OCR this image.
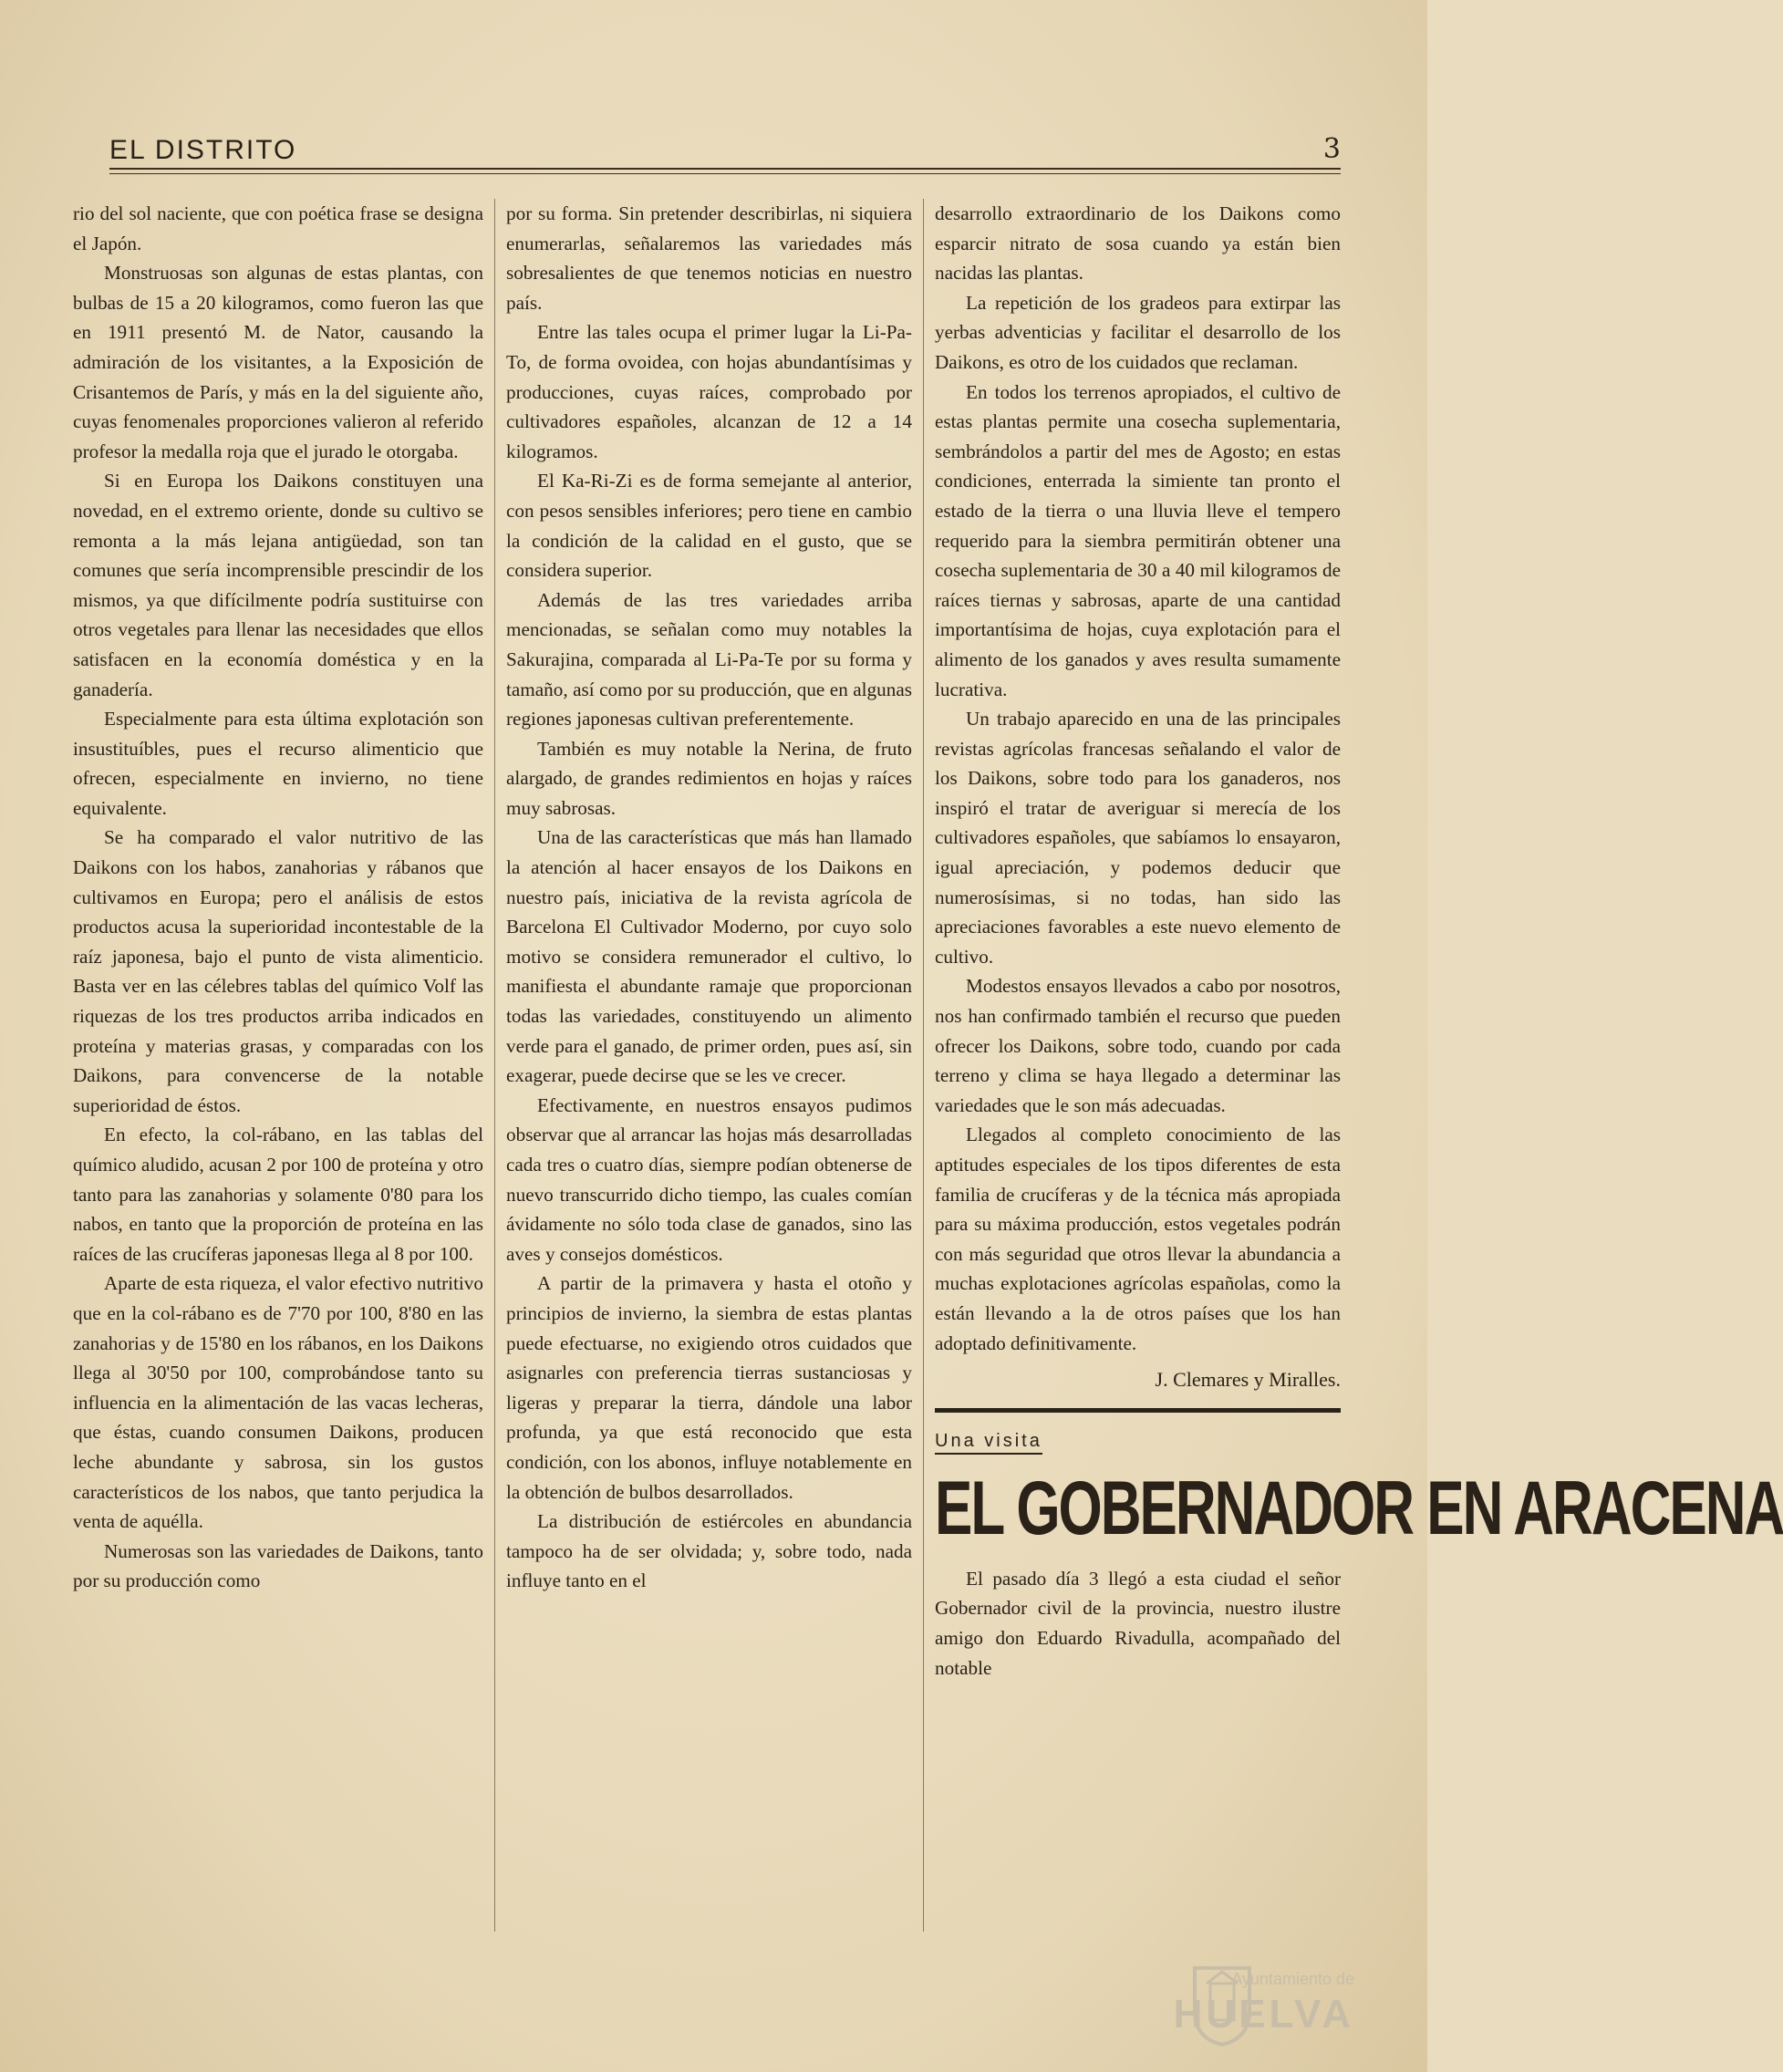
EL DISTRITO	3

rio del sol naciente, que con poética frase se designa el Japón.

Monstruosas son algunas de estas plantas, con bulbas de 15 a 20 kilogramos, como fueron las que en 1911 presentó M. de Nator, causando la admiración de los visitantes, a la Exposición de Crisantemos de París, y más en la del siguiente año, cuyas fenomenales proporciones valieron al referido profesor la medalla roja que el jurado le otorgaba.

Si en Europa los Daikons constituyen una novedad, en el extremo oriente, donde su cultivo se remonta a la más lejana antigüedad, son tan comunes que sería incomprensible prescindir de los mismos, ya que difícilmente podría sustituirse con otros vegetales para llenar las necesidades que ellos satisfacen en la economía doméstica y en la ganadería.

Especialmente para esta última explotación son insustituíbles, pues el recurso alimenticio que ofrecen, especialmente en invierno, no tiene equivalente.

Se ha comparado el valor nutritivo de las Daikons con los habos, zanahorias y rábanos que cultivamos en Europa; pero el análisis de estos productos acusa la superioridad incontestable de la raíz japonesa, bajo el punto de vista alimenticio. Basta ver en las célebres tablas del químico Volf las riquezas de los tres productos arriba indicados en proteína y materias grasas, y comparadas con los Daikons, para convencerse de la notable superioridad de éstos.

En efecto, la col-rábano, en las tablas del químico aludido, acusan 2 por 100 de proteína y otro tanto para las zanahorias y solamente 0'80 para los nabos, en tanto que la proporción de proteína en las raíces de las crucíferas japonesas llega al 8 por 100.

Aparte de esta riqueza, el valor efectivo nutritivo que en la col-rábano es de 7'70 por 100, 8'80 en las zanahorias y de 15'80 en los rábanos, en los Daikons llega al 30'50 por 100, comprobándose tanto su influencia en la alimentación de las vacas lecheras, que éstas, cuando consumen Daikons, producen leche abundante y sabrosa, sin los gustos característicos de los nabos, que tanto perjudica la venta de aquélla.

Numerosas son las variedades de Daikons, tanto por su producción como

por su forma. Sin pretender describirlas, ni siquiera enumerarlas, señalaremos las variedades más sobresalientes de que tenemos noticias en nuestro país.

Entre las tales ocupa el primer lugar la Li-Pa-To, de forma ovoidea, con hojas abundantísimas y producciones, cuyas raíces, comprobado por cultivadores españoles, alcanzan de 12 a 14 kilogramos.

El Ka-Ri-Zi es de forma semejante al anterior, con pesos sensibles inferiores; pero tiene en cambio la condición de la calidad en el gusto, que se considera superior.

Además de las tres variedades arriba mencionadas, se señalan como muy notables la Sakurajina, comparada al Li-Pa-Te por su forma y tamaño, así como por su producción, que en algunas regiones japonesas cultivan preferentemente.

También es muy notable la Nerina, de fruto alargado, de grandes redimientos en hojas y raíces muy sabrosas.

Una de las características que más han llamado la atención al hacer ensayos de los Daikons en nuestro país, iniciativa de la revista agrícola de Barcelona El Cultivador Moderno, por cuyo solo motivo se considera remunerador el cultivo, lo manifiesta el abundante ramaje que proporcionan todas las variedades, constituyendo un alimento verde para el ganado, de primer orden, pues así, sin exagerar, puede decirse que se les ve crecer.

Efectivamente, en nuestros ensayos pudimos observar que al arrancar las hojas más desarrolladas cada tres o cuatro días, siempre podían obtenerse de nuevo transcurrido dicho tiempo, las cuales comían ávidamente no sólo toda clase de ganados, sino las aves y consejos domésticos.

A partir de la primavera y hasta el otoño y principios de invierno, la siembra de estas plantas puede efectuarse, no exigiendo otros cuidados que asignarles con preferencia tierras sustanciosas y ligeras y preparar la tierra, dándole una labor profunda, ya que está reconocido que esta condición, con los abonos, influye notablemente en la obtención de bulbos desarrollados.

La distribución de estiércoles en abundancia tampoco ha de ser olvidada; y, sobre todo, nada influye tanto en el

desarrollo extraordinario de los Daikons como esparcir nitrato de sosa cuando ya están bien nacidas las plantas.

La repetición de los gradeos para extirpar las yerbas adventicias y facilitar el desarrollo de los Daikons, es otro de los cuidados que reclaman.

En todos los terrenos apropiados, el cultivo de estas plantas permite una cosecha suplementaria, sembrándolos a partir del mes de Agosto; en estas condiciones, enterrada la simiente tan pronto el estado de la tierra o una lluvia lleve el tempero requerido para la siembra permitirán obtener una cosecha suplementaria de 30 a 40 mil kilogramos de raíces tiernas y sabrosas, aparte de una cantidad importantísima de hojas, cuya explotación para el alimento de los ganados y aves resulta sumamente lucrativa.

Un trabajo aparecido en una de las principales revistas agrícolas francesas señalando el valor de los Daikons, sobre todo para los ganaderos, nos inspiró el tratar de averiguar si merecía de los cultivadores españoles, que sabíamos lo ensayaron, igual apreciación, y podemos deducir que numerosísimas, si no todas, han sido las apreciaciones favorables a este nuevo elemento de cultivo.

Modestos ensayos llevados a cabo por nosotros, nos han confirmado también el recurso que pueden ofrecer los Daikons, sobre todo, cuando por cada terreno y clima se haya llegado a determinar las variedades que le son más adecuadas.

Llegados al completo conocimiento de las aptitudes especiales de los tipos diferentes de esta familia de crucíferas y de la técnica más apropiada para su máxima producción, estos vegetales podrán con más seguridad que otros llevar la abundancia a muchas explotaciones agrícolas españolas, como la están llevando a la de otros países que los han adoptado definitivamente.

J. Clemares y Miralles.
Una visita
EL GOBERNADOR EN ARACENA

El pasado día 3 llegó a esta ciudad el señor Gobernador civil de la provincia, nuestro ilustre amigo don Eduardo Rivadulla, acompañado del notable

Ayuntamiento de
HUELVA
